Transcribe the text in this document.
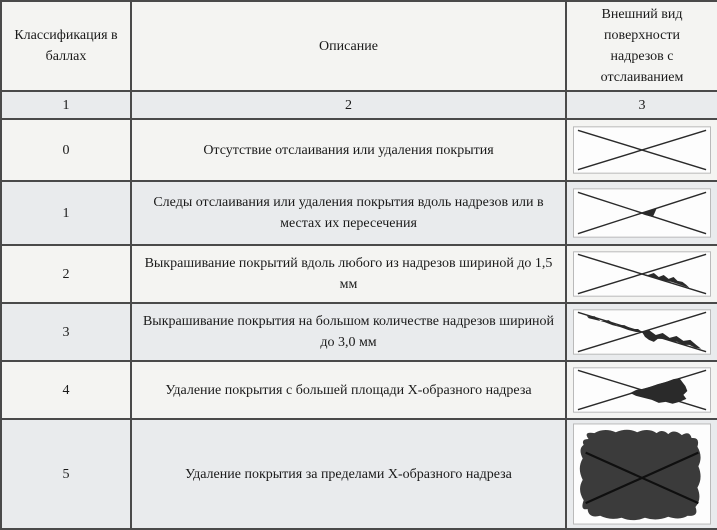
Классификация в баллах	Описание	Внешний вид поверхности надрезов с отслаиванием
1	2	3
0	Отсутствие отслаивания или удаления покрытия	

1	Следы отслаивания или удаления покрытия вдоль надрезов или в местах их пересечения	

2	Выкрашивание покрытий вдоль любого из надрезов шириной до 1,5 мм	

3	Выкрашивание покрытия на большом количестве надрезов шириной до 3,0 мм	

4	Удаление покрытия с большей площади Х-образного надреза	

5	Удаление покрытия за пределами Х-образного надреза	
